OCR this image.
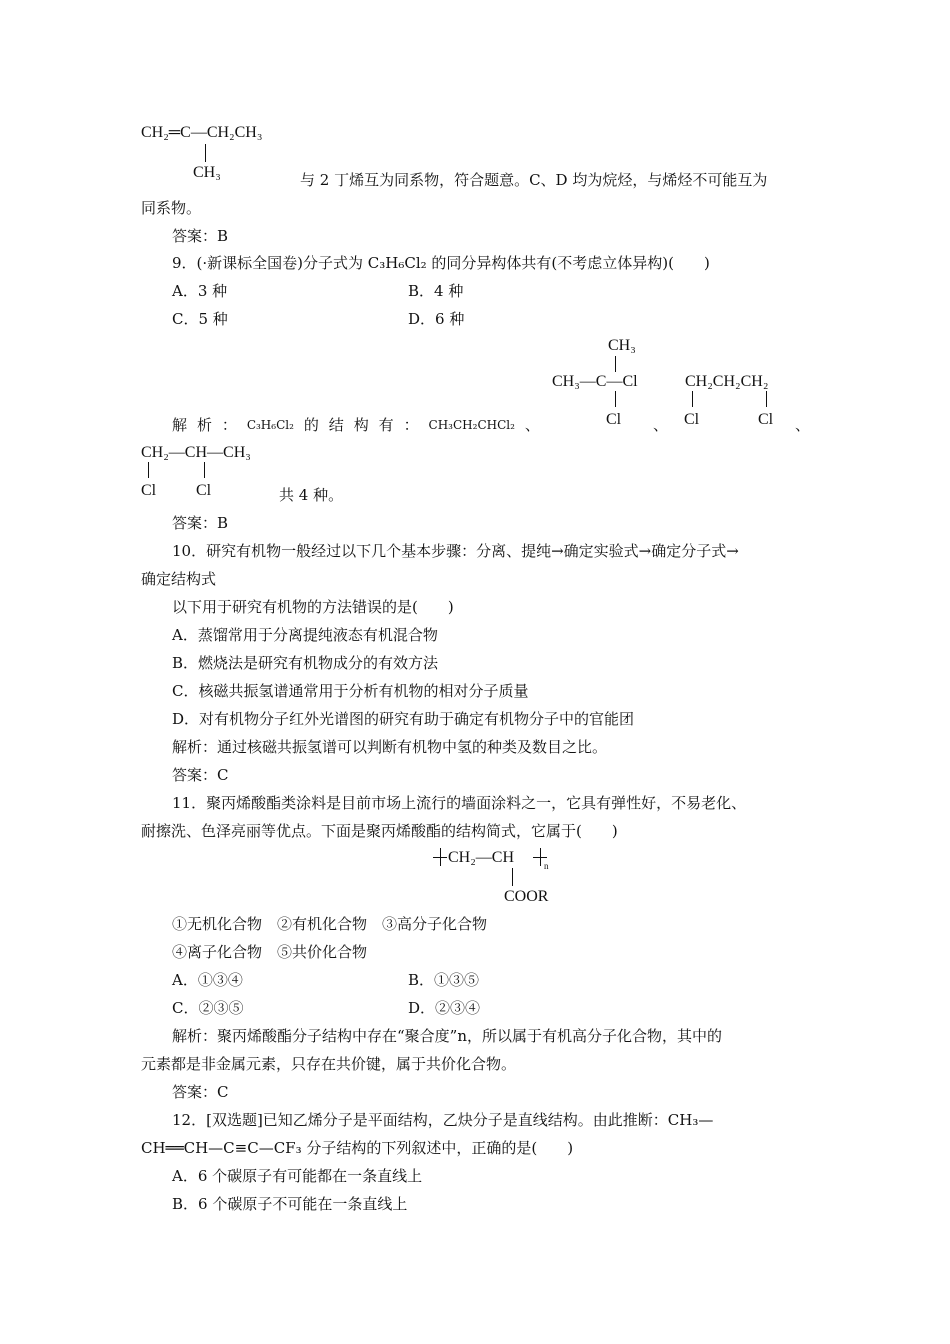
CH₂═C—CH₂CH₃
CH₃	与 2 丁烯互为同系物，符合题意。C、D 均为烷烃，与烯烃不可能互为
同系物。
答案：B
9．(·新课标全国卷)分子式为 C₃H₆Cl₂ 的同分异构体共有(不考虑立体异构)(　　)
A．3 种	B．4 种
C．5 种	D．6 种
CH₃
CH₃—C—Cl
Cl
CH₂CH₂CH₂
Cl	Cl
解 析 ： C₃H₆Cl₂ 的 结 构 有 ： CH₃CH₂CHCl₂ 、	、	、
CH₂—CH—CH₃
Cl Cl	共 4 种。
答案：B
10．研究有机物一般经过以下几个基本步骤：分离、提纯→确定实验式→确定分子式→
确定结构式
以下用于研究有机物的方法错误的是(　　)
A．蒸馏常用于分离提纯液态有机混合物
B．燃烧法是研究有机物成分的有效方法
C．核磁共振氢谱通常用于分析有机物的相对分子质量
D．对有机物分子红外光谱图的研究有助于确定有机物分子中的官能团
解析：通过核磁共振氢谱可以判断有机物中氢的种类及数目之比。
答案：C
11．聚丙烯酸酯类涂料是目前市场上流行的墙面涂料之一，它具有弹性好，不易老化、
耐擦洗、色泽亮丽等优点。下面是聚丙烯酸酯的结构简式，它属于(　　)
CH₂—CH	n
COOR
①无机化合物　②有机化合物　③高分子化合物
④离子化合物　⑤共价化合物
A．①③④	B．①③⑤
C．②③⑤	D．②③④
解析：聚丙烯酸酯分子结构中存在“聚合度”n，所以属于有机高分子化合物，其中的
元素都是非金属元素，只存在共价键，属于共价化合物。
答案：C
12．[双选题]已知乙烯分子是平面结构，乙炔分子是直线结构。由此推断：CH₃—
CH══CH—C≡C—CF₃ 分子结构的下列叙述中，正确的是(　　)
A．6 个碳原子有可能都在一条直线上
B．6 个碳原子不可能在一条直线上
